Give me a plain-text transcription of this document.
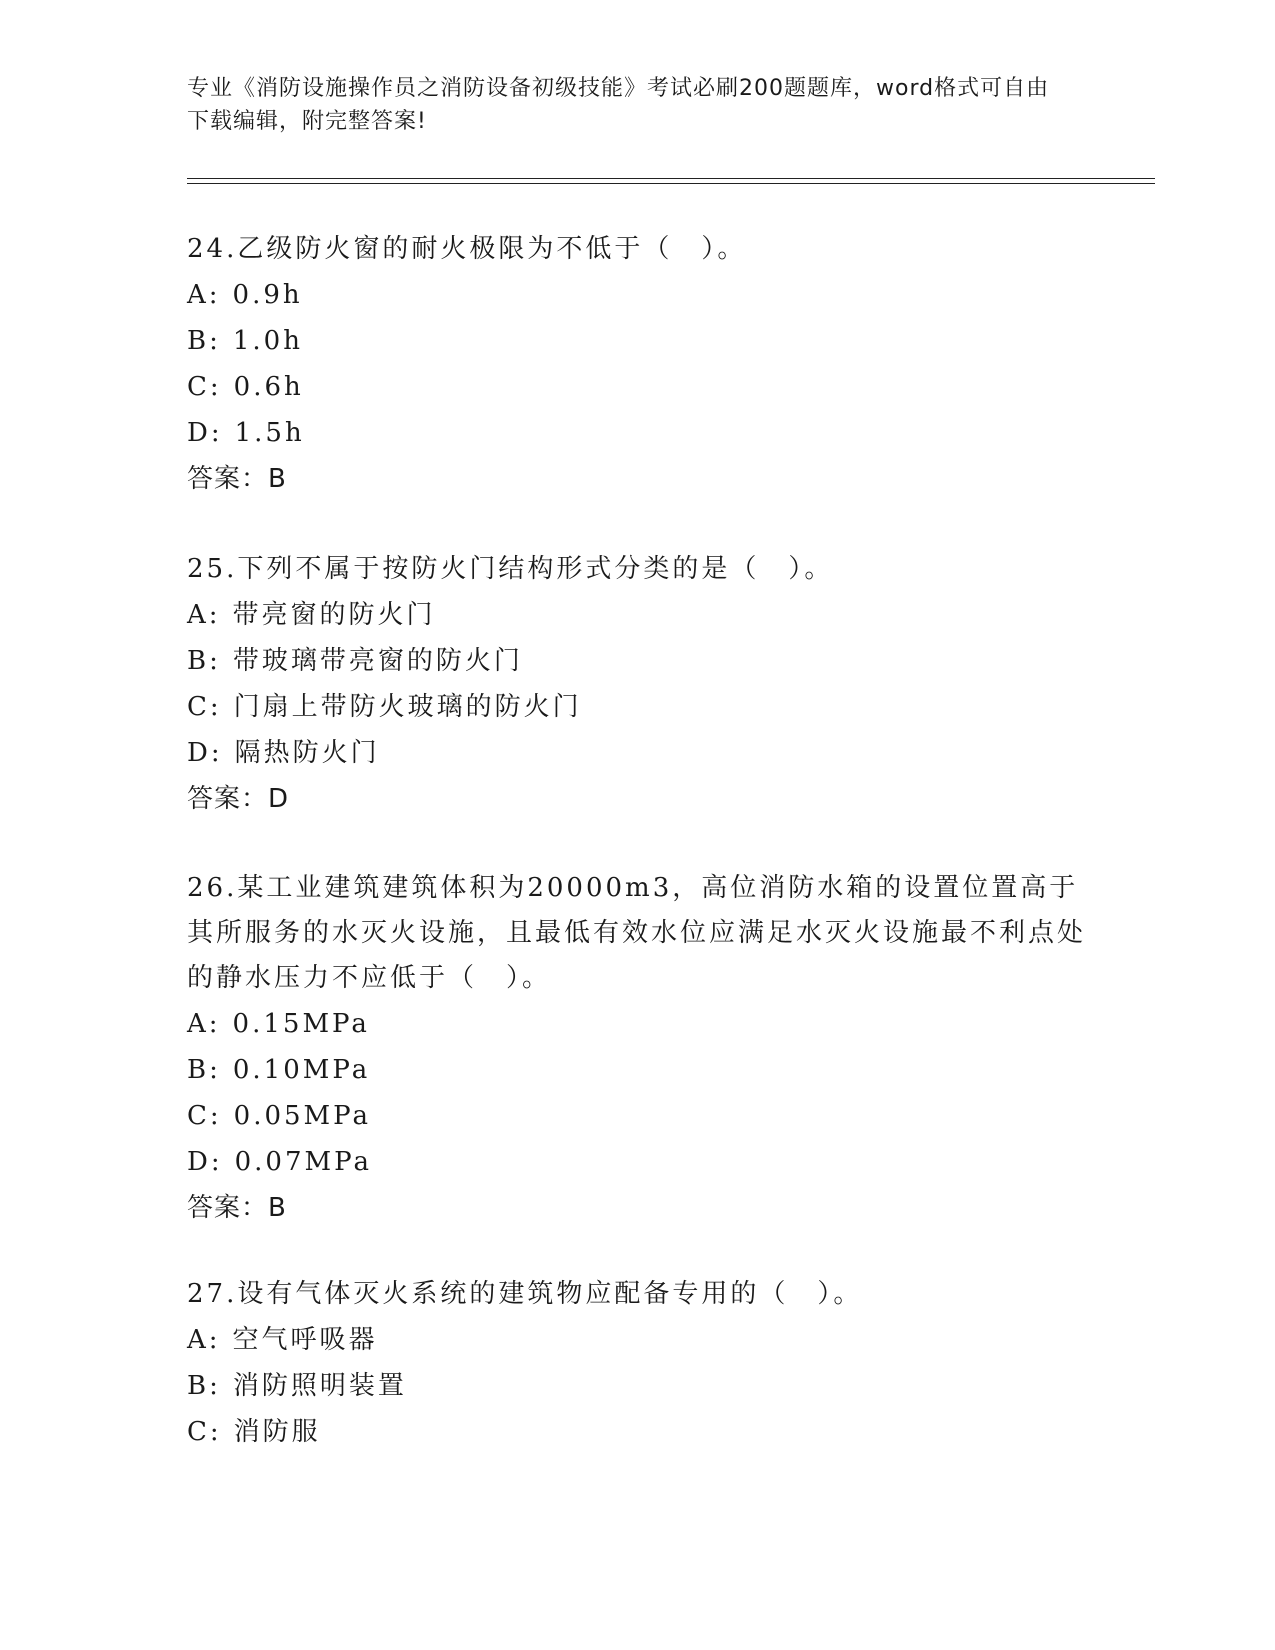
专业《消防设施操作员之消防设备初级技能》考试必刷200题题库，word格式可自由下载编辑，附完整答案!
24.乙级防火窗的耐火极限为不低于（　）。
A: 0.9h
B: 1.0h
C: 0.6h
D: 1.5h
答案：B
25.下列不属于按防火门结构形式分类的是（　）。
A: 带亮窗的防火门
B: 带玻璃带亮窗的防火门
C: 门扇上带防火玻璃的防火门
D: 隔热防火门
答案：D
26.某工业建筑建筑体积为20000m3，高位消防水箱的设置位置高于其所服务的水灭火设施，且最低有效水位应满足水灭火设施最不利点处的静水压力不应低于（　）。
A: 0.15MPa
B: 0.10MPa
C: 0.05MPa
D: 0.07MPa
答案：B
27.设有气体灭火系统的建筑物应配备专用的（　）。
A: 空气呼吸器
B: 消防照明装置
C: 消防服
